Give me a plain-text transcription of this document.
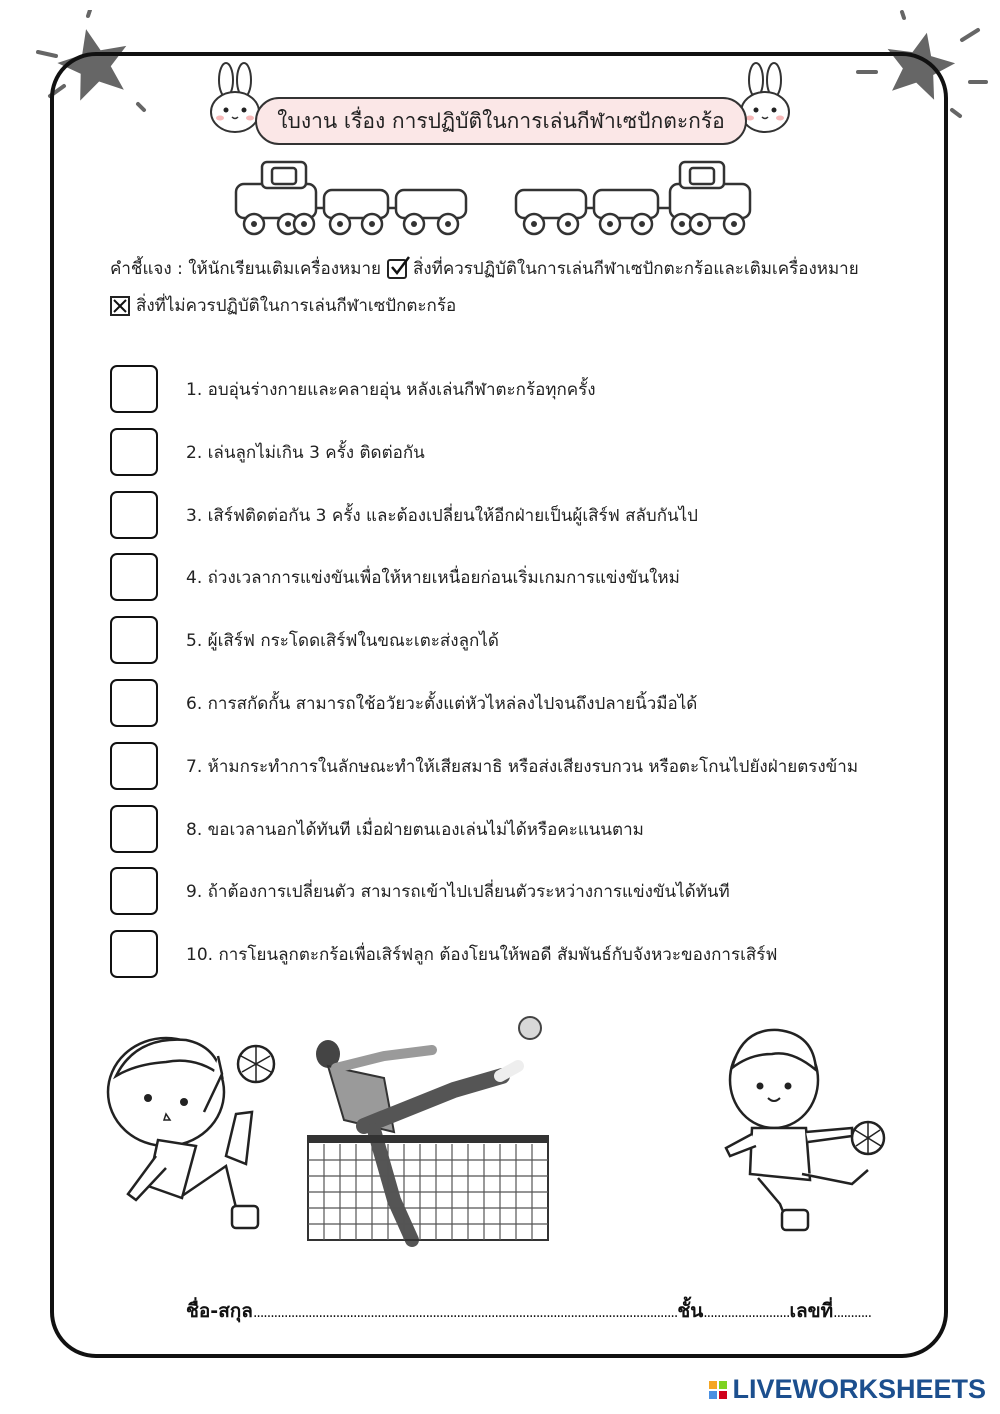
ใบงาน เรื่อง การปฏิบัติในการเล่นกีฬาเซปักตะกร้อ
คำชี้แจง : ให้นักเรียนเติมเครื่องหมาย สิ่งที่ควรปฏิบัติในการเล่นกีฬาเซปักตะกร้อและเติมเครื่องหมาย
สิ่งที่ไม่ควรปฏิบัติในการเล่นกีฬาเซปักตะกร้อ
1. อบอุ่นร่างกายและคลายอุ่น หลังเล่นกีฬาตะกร้อทุกครั้ง
2. เล่นลูกไม่เกิน 3 ครั้ง ติดต่อกัน
3. เสิร์ฟติดต่อกัน 3 ครั้ง และต้องเปลี่ยนให้อีกฝ่ายเป็นผู้เสิร์ฟ สลับกันไป
4. ถ่วงเวลาการแข่งขันเพื่อให้หายเหนื่อยก่อนเริ่มเกมการแข่งขันใหม่
5. ผู้เสิร์ฟ กระโดดเสิร์ฟในขณะเตะส่งลูกได้
6. การสกัดกั้น สามารถใช้อวัยวะตั้งแต่หัวไหล่ลงไปจนถึงปลายนิ้วมือได้
7. ห้ามกระทำการในลักษณะทำให้เสียสมาธิ หรือส่งเสียงรบกวน หรือตะโกนไปยังฝ่ายตรงข้าม
8. ขอเวลานอกได้ทันที เมื่อฝ่ายตนเองเล่นไม่ได้หรือคะแนนตาม
9. ถ้าต้องการเปลี่ยนตัว สามารถเข้าไปเปลี่ยนตัวระหว่างการแข่งขันได้ทันที
10. การโยนลูกตะกร้อเพื่อเสิร์ฟลูก ต้องโยนให้พอดี สัมพันธ์กับจังหวะของการเสิร์ฟ
ชื่อ-สกุล...........................................................................................................................ชั้น.........................เลขที่...........
LIVEWORKSHEETS
